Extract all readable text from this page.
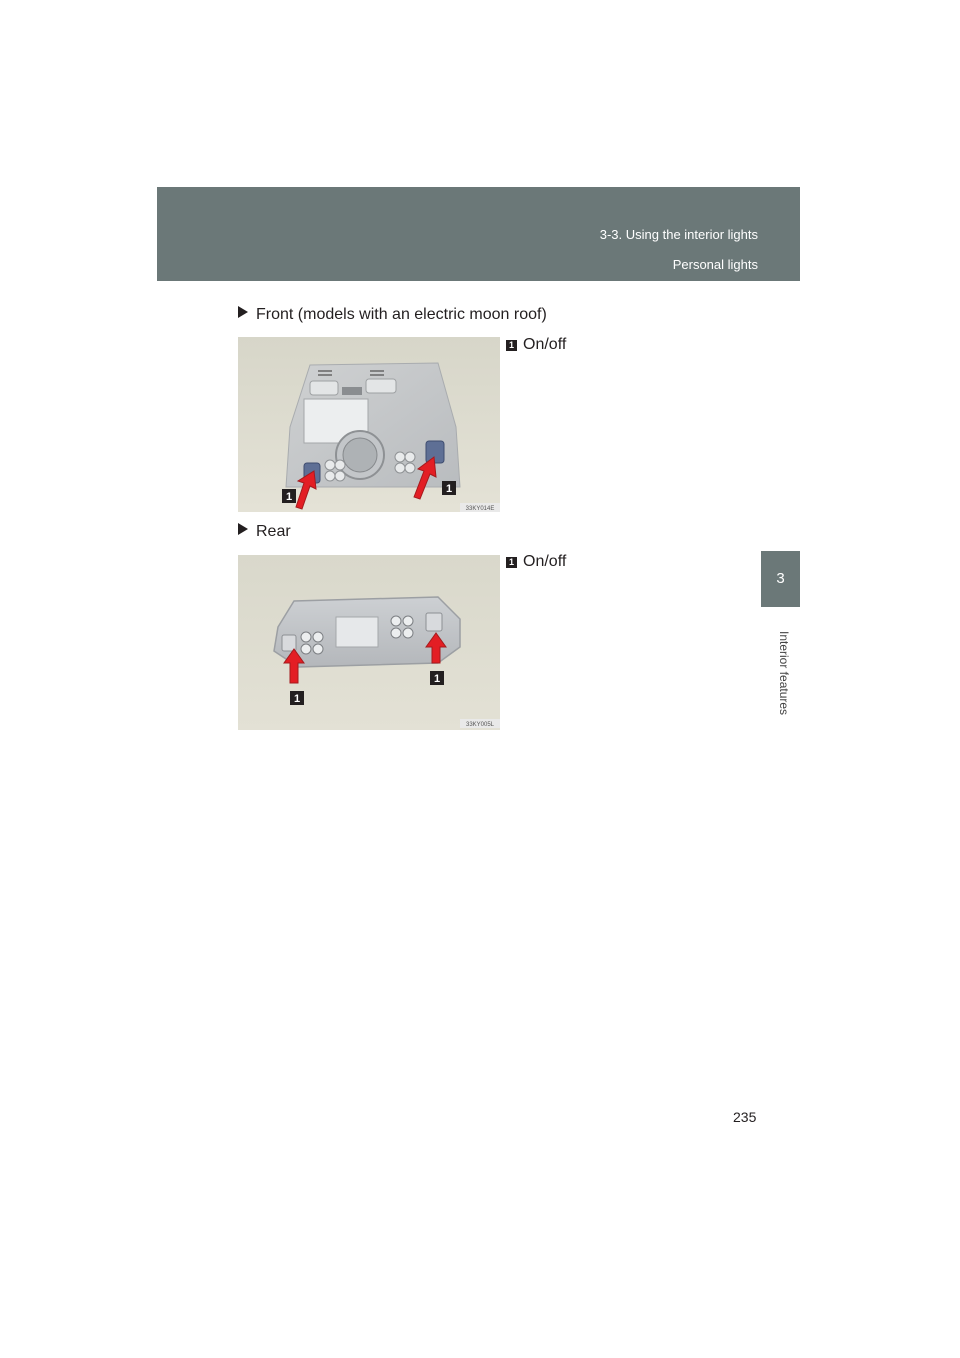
3-3. Using the interior lights
Personal lights
3
Interior features
Front (models with an electric moon roof)
1 On/off
1
1
33KY014E
Rear
1 On/off
1
1
33KY005L
235
